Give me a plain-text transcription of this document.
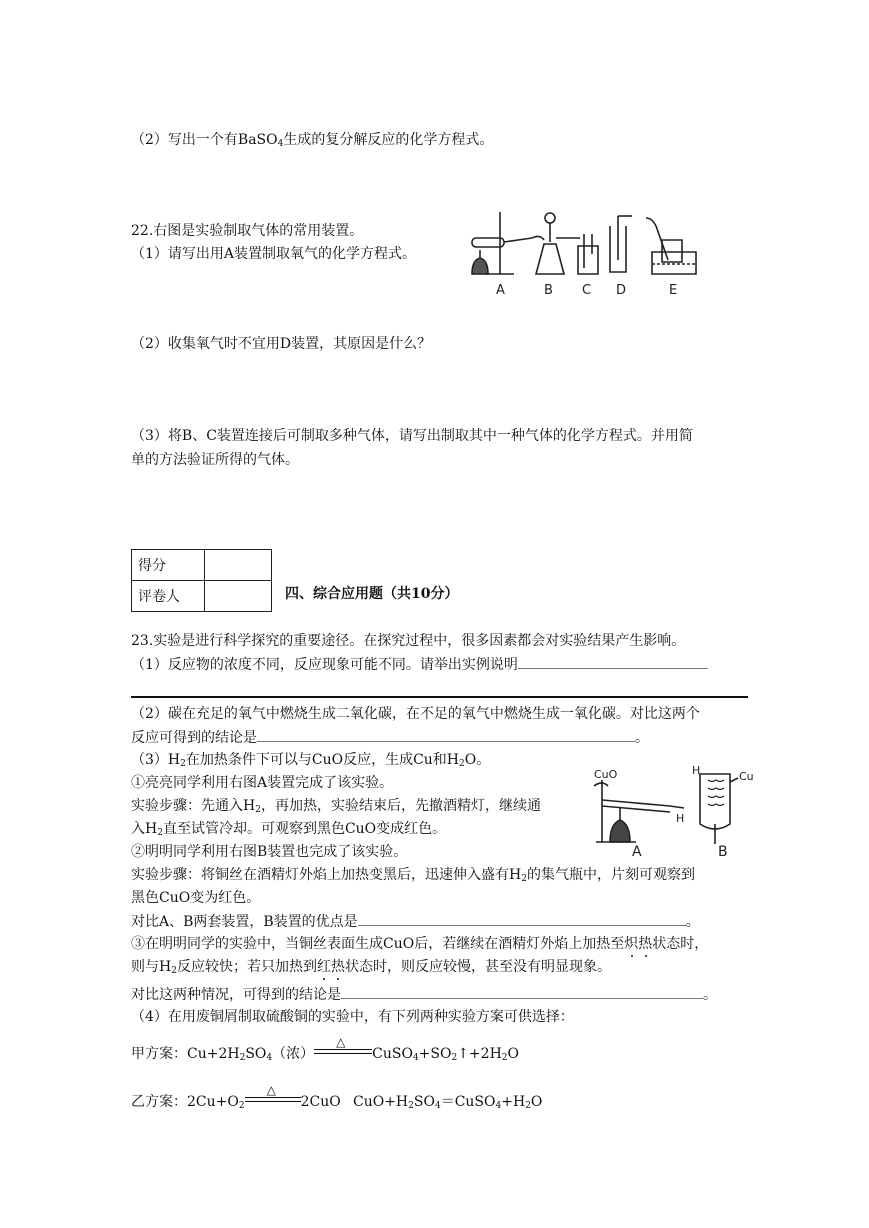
（2）写出一个有BaSO$_4$生成的复分解反应的化学方程式。
22.右图是实验制取气体的常用装置。
（1）请写出用A装置制取氧气的化学方程式。
A	B C D	E
（2）收集氧气时不宜用D装置，其原因是什么？
（3）将B、C装置连接后可制取多种气体，请写出制取其中一种气体的化学方程式。并用简
单的方法验证所得的气体。
得分	
评卷人		四、综合应用题（共10分）
23.实验是进行科学探究的重要途径。在探究过程中，很多因素都会对实验结果产生影响。
（1）反应物的浓度不同，反应现象可能不同。请举出实例说明
（2）碳在充足的氧气中燃烧生成二氧化碳，在不足的氧气中燃烧生成一氧化碳。对比这两个
反应可得到的结论是	。
$(3)H_2$在加热条件下可以与CuO反应，生成Cu和$H_2O$。
①亮亮同学利用右图A装置完成了该实验。
实验步骤：先通入$H_2$，再加热，实验结束后，先撤酒精灯，继续通
入$H_2$直至试管冷却。可观察到黑色CuO变成红色。
②明明同学利用右图B装置也完成了该实验。
CuO	H
H
Cu
A	B
实验步骤：将铜丝在酒精灯外焰上加热变黑后，迅速伸入盛有$H_2$的集气瓶中，片刻可观察到
黑色CuO变为红色。
对比A、B两套装置，B装置的优点是	。
③在明明同学的实验中，当铜丝表面生成CuO后，若继续在酒精灯外焰上加热至炽热状态时，
则与$H_2$反应较快；若只加热到红热状态时，则反应较慢，甚至没有明显现象。
对比这两种情况，可得到的结论是	。
（4）在用废铜屑制取硫酸铜的实验中，有下列两种实验方案可供选择：
甲方案：$Cu+2H_2SO_4$（浓）
△
$CuSO_4+SO_2↑+2H_2O$
乙方案：$2Cu+O_2$
△
2CuO $CuO+H_2SO_4=CuSO_4+H_2O$
